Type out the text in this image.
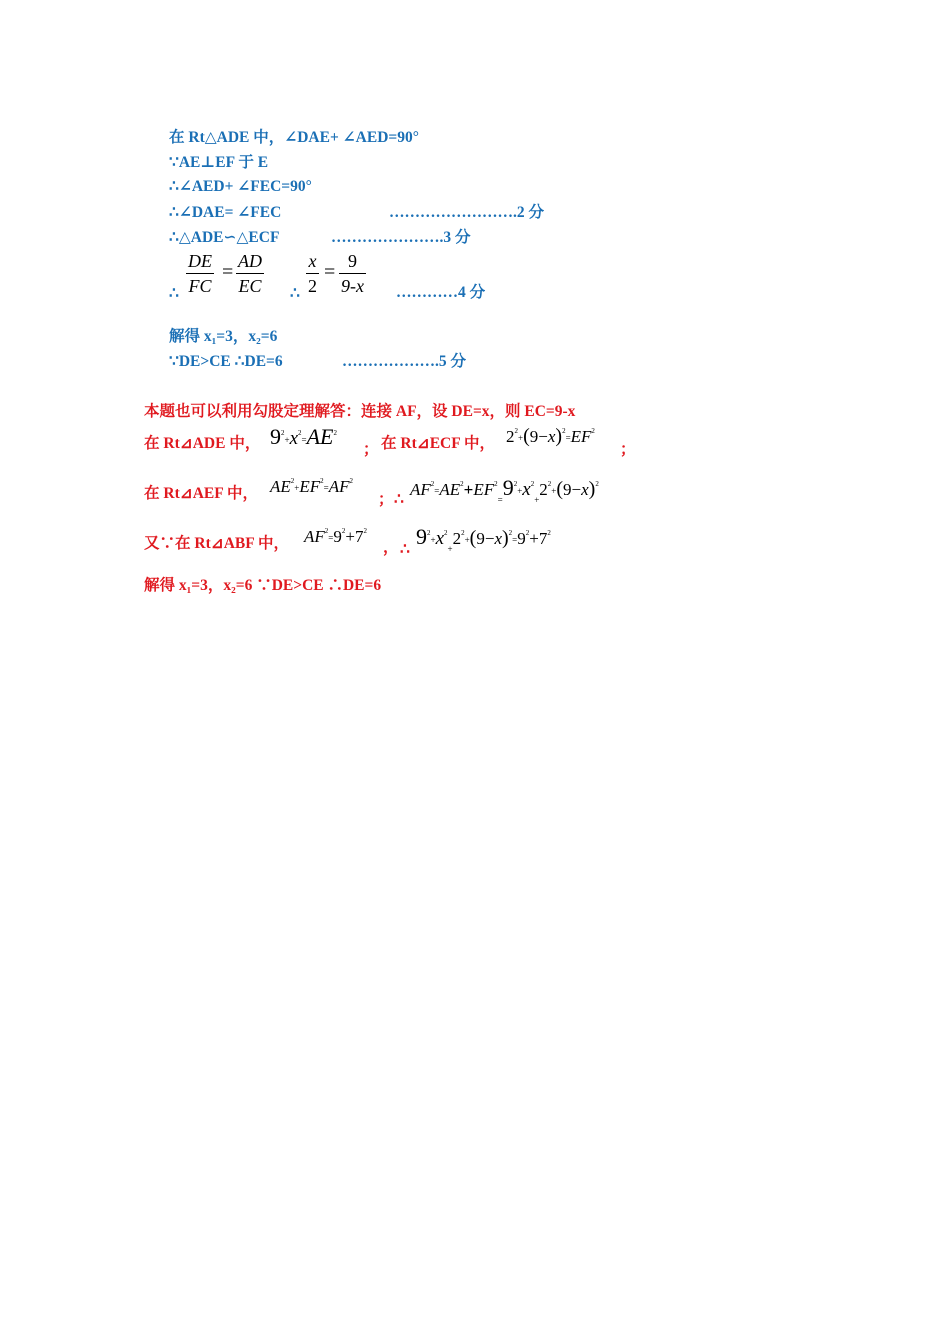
在 Rt△ADE 中，∠DAE+ ∠AED=90°
∵AE⊥EF 于 E
∴∠AED+ ∠FEC=90°
∴∠DAE= ∠FEC	…………………….2 分
∴△ADE∽△ECF	………………….3 分
∴ $\frac{DE}{FC} = \frac{AD}{EC}$ ∴ $\frac{x}{2} = \frac{9}{9-x}$ …………4 分
解得 x₁=3，x₂=6
∵DE>CE ∴DE=6	……………….5 分
本题也可以利用勾股定理解答：连接 AF，设 DE=x，则 EC=9-x
在 Rt⊿ADE 中， $9^2+x^2=AE^2$
； 在 Rt⊿ECF 中， $2^2+(9-x)^2=EF^2$
；
在 Rt⊿AEF 中， $AE^2+EF^2=AF^2$
； ∴
$AF^2=AE^2+EF^2_=9^2+x^2_+2^2+(9-x)^2$
又∵在 Rt⊿ABF 中， $AF^2=9^2+7^2$
， ∴
$9^2+x^2_+2^2+(9-x)^2=9^2+7^2$
解得 x₁=3，x₂=6 ∵DE>CE ∴DE=6
